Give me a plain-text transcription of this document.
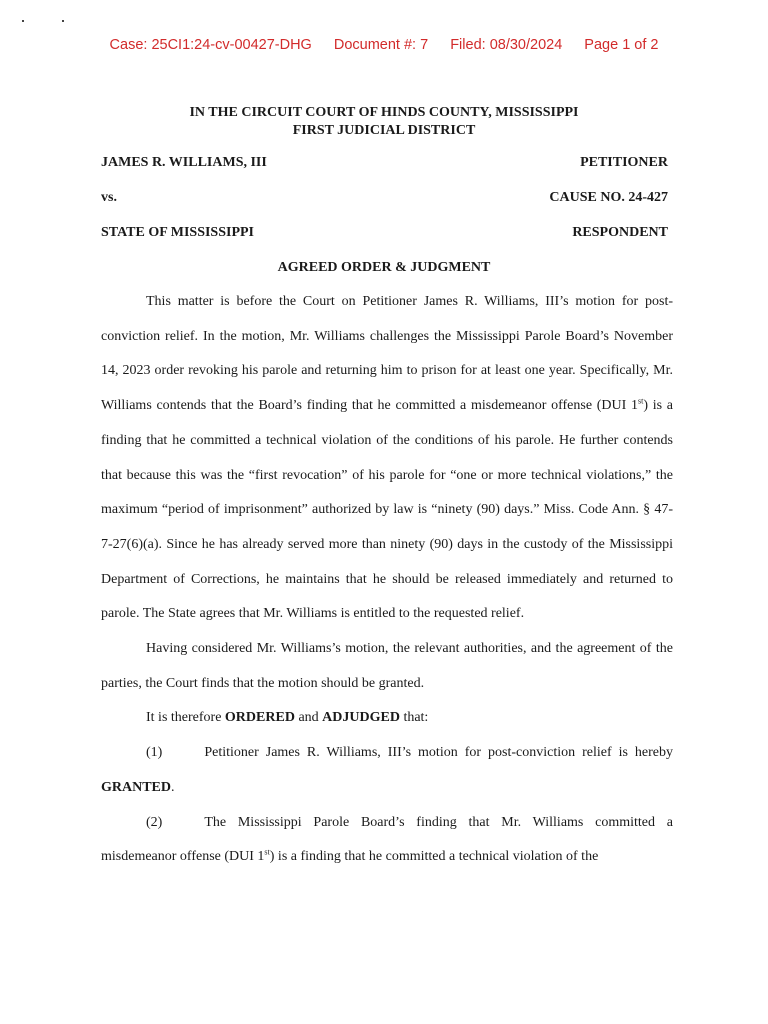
Case: 25CI1:24-cv-00427-DHG Document #: 7 Filed: 08/30/2024 Page 1 of 2
IN THE CIRCUIT COURT OF HINDS COUNTY, MISSISSIPPI
FIRST JUDICIAL DISTRICT
JAMES R. WILLIAMS, III	PETITIONER
vs.	CAUSE NO. 24-427
STATE OF MISSISSIPPI	RESPONDENT
AGREED ORDER & JUDGMENT

This matter is before the Court on Petitioner James R. Williams, III’s motion for post-conviction relief. In the motion, Mr. Williams challenges the Mississippi Parole Board’s November 14, 2023 order revoking his parole and returning him to prison for at least one year. Specifically, Mr. Williams contends that the Board’s finding that he committed a misdemeanor offense (DUI 1st) is a finding that he committed a technical violation of the conditions of his parole. He further contends that because this was the “first revocation” of his parole for “one or more technical violations,” the maximum “period of imprisonment” authorized by law is “ninety (90) days.” Miss. Code Ann. § 47-7-27(6)(a). Since he has already served more than ninety (90) days in the custody of the Mississippi Department of Corrections, he maintains that he should be released immediately and returned to parole. The State agrees that Mr. Williams is entitled to the requested relief.

Having considered Mr. Williams’s motion, the relevant authorities, and the agreement of the parties, the Court finds that the motion should be granted.

It is therefore ORDERED and ADJUDGED that:

(1)	Petitioner James R. Williams, III’s motion for post-conviction relief is hereby GRANTED.

(2)	The Mississippi Parole Board’s finding that Mr. Williams committed a misdemeanor offense (DUI 1st) is a finding that he committed a technical violation of the
